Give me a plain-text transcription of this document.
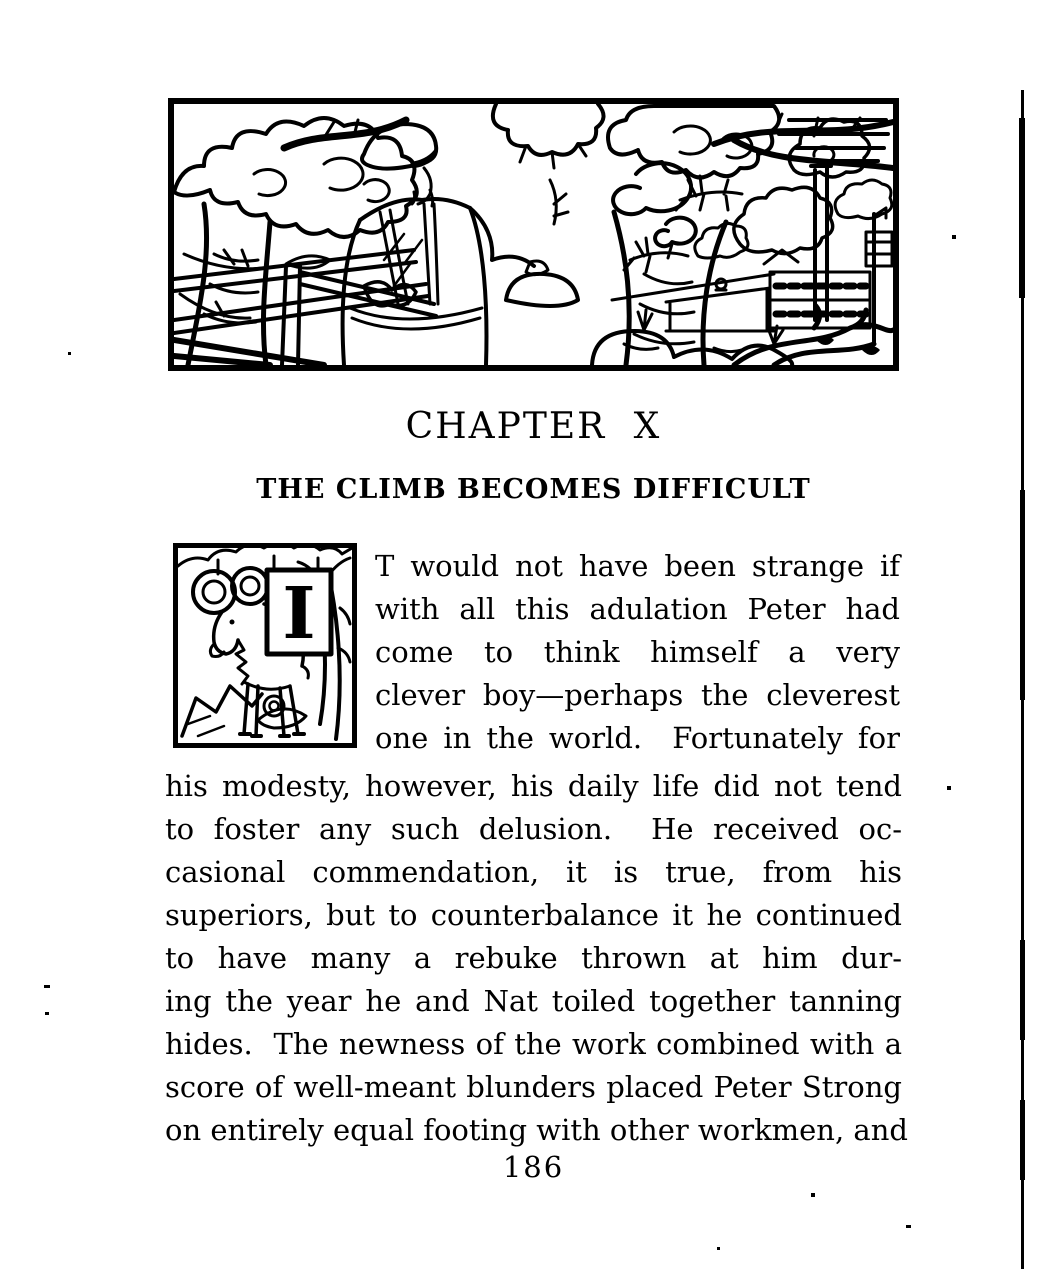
CHAPTER X
THE CLIMB BECOMES DIFFICULT
I
T would not have been strange if
with all this adulation Peter had
come to think himself a very
clever boy—perhaps the cleverest
one in the world.  Fortunately for
his modesty, however, his daily life did not tend
to foster any such delusion.  He received oc-
casional commendation, it is true, from his
superiors, but to counterbalance it he continued
to have many a rebuke thrown at him dur-
ing the year he and Nat toiled together tanning
hides.  The newness of the work combined with a
score of well-meant blunders placed Peter Strong
on entirely equal footing with other workmen, and
186
